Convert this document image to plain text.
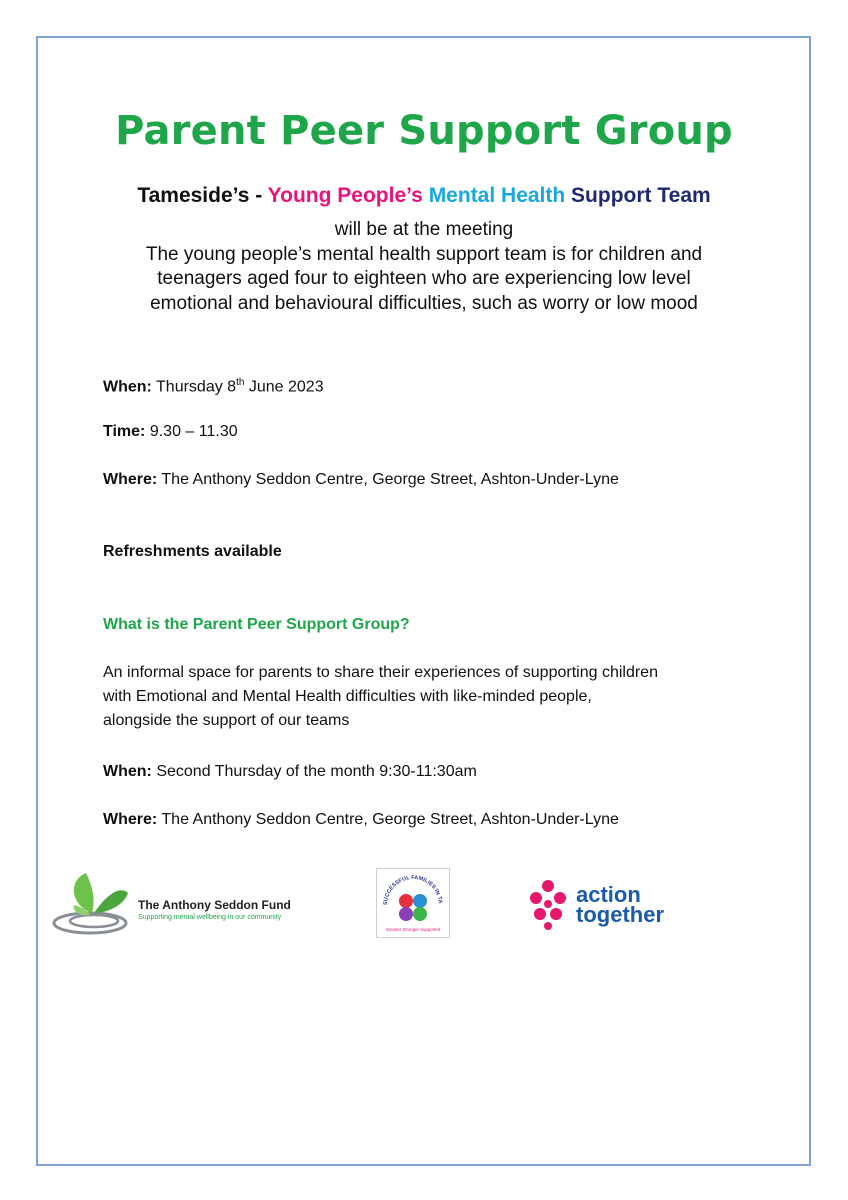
Parent Peer Support Group
Tameside’s - Young People’s Mental Health Support Team

will be at the meeting

The young people’s mental health support team is for children and

teenagers aged four to eighteen who are experiencing low level

emotional and behavioural difficulties, such as worry or low mood

When: Thursday 8th June 2023
Time: 9.30 – 11.30
Where: The Anthony Seddon Centre, George Street, Ashton-Under-Lyne
Refreshments available
What is the Parent Peer Support Group?

An informal space for parents to share their experiences of supporting children

with Emotional and Mental Health difficulties with like-minded people,

alongside the support of our teams

When: Second Thursday of the month 9:30-11:30am
Where: The Anthony Seddon Centre, George Street, Ashton-Under-Lyne
The Anthony Seddon Fund
Supporting mental wellbeing in our community
SUCCESSFUL FAMILIES IN TA
Smarter Stronger Supported
action
together
